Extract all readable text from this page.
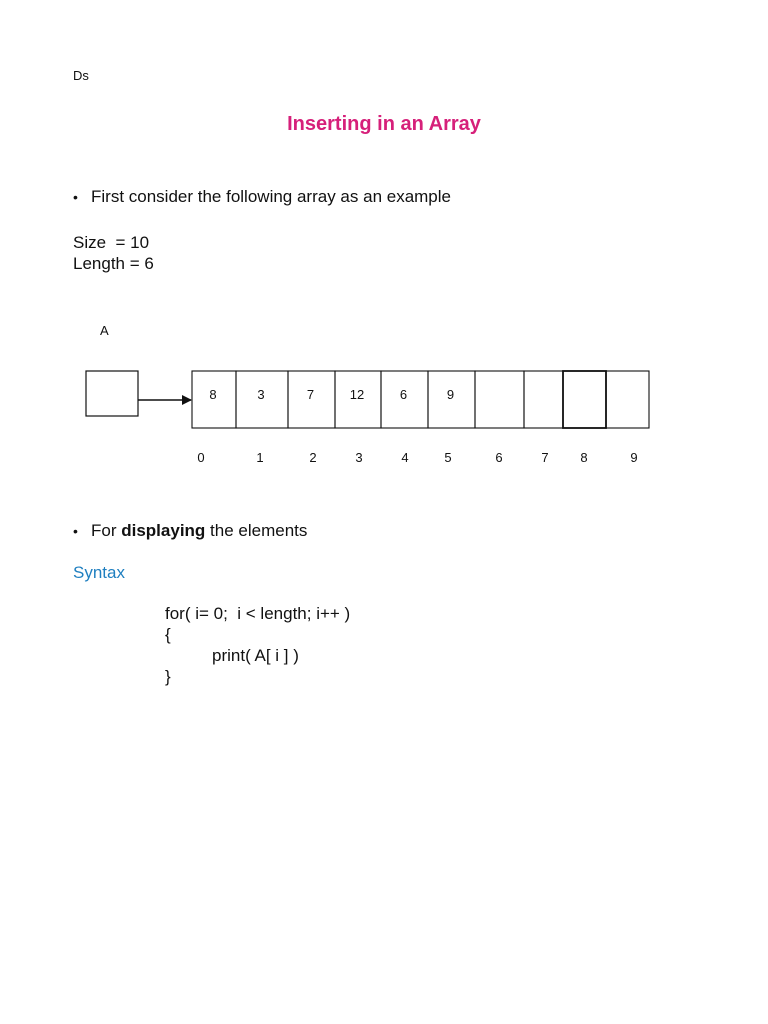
Ds
Inserting in an Array
• First consider the following array as an example
Size  = 10
Length = 6
A
8	3	7	12	6	9
0	1	2	3	4	5	6	7 8	9
• For displaying the elements
Syntax
for( i= 0;  i < length; i++ )
{
print( A[ i ] )
}
